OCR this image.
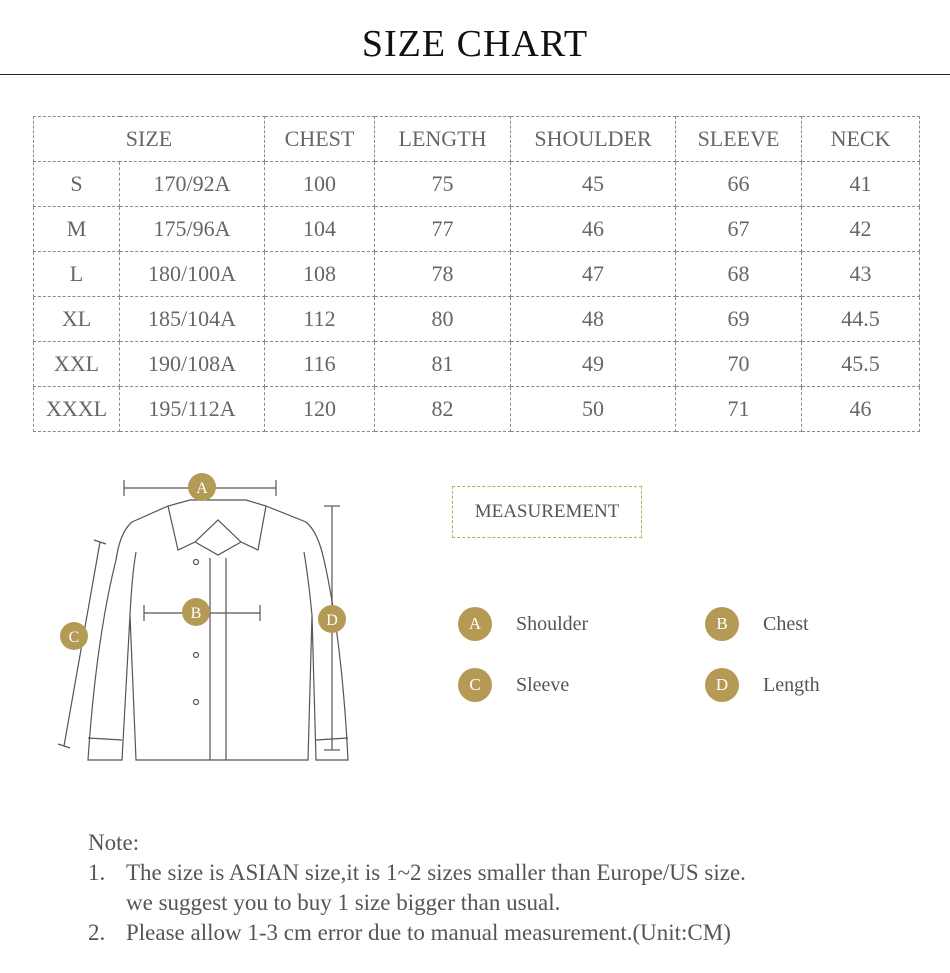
SIZE CHART
SIZE		CHEST	LENGTH	SHOULDER	SLEEVE	NECK
S	170/92A	100	75	45	66	41
M	175/96A	104	77	46	67	42
L	180/100A	108	78	47	68	43
XL	185/104A	112	80	48	69	44.5
XXL	190/108A	116	81	49	70	45.5
XXXL	195/112A	120	82	50	71	46
A
B
C
D
MEASUREMENT
A	Shoulder	B	Chest
C	Sleeve	D	Length
Note:
1. The size is ASIAN size,it is 1~2 sizes smaller than Europe/US size.
we suggest you to buy 1 size bigger than usual.
2. Please allow 1-3 cm error due to manual measurement.(Unit:CM)
